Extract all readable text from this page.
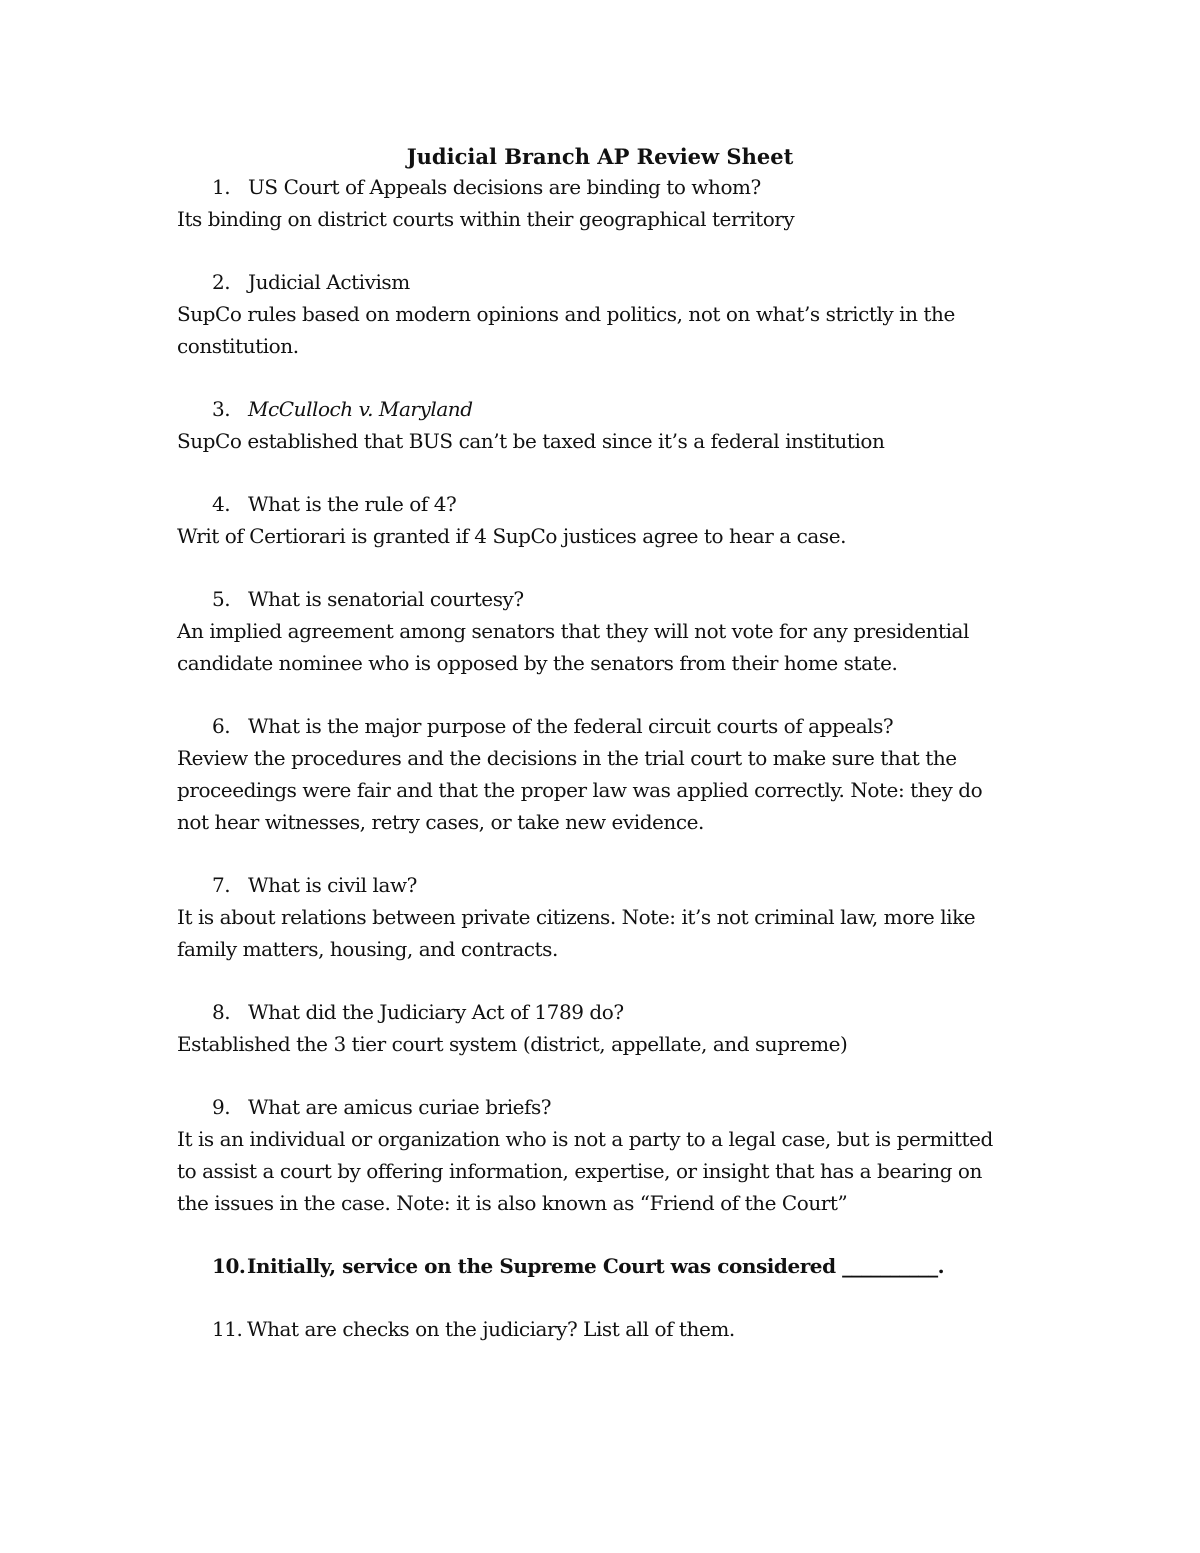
Judicial Branch AP Review Sheet
1. US Court of Appeals decisions are binding to whom?
Its binding on district courts within their geographical territory
2. Judicial Activism
SupCo rules based on modern opinions and politics, not on what’s strictly in the
constitution.
3. McCulloch v. Maryland
SupCo established that BUS can’t be taxed since it’s a federal institution
4. What is the rule of 4?
Writ of Certiorari is granted if 4 SupCo justices agree to hear a case.
5. What is senatorial courtesy?
An implied agreement among senators that they will not vote for any presidential
candidate nominee who is opposed by the senators from their home state.
6. What is the major purpose of the federal circuit courts of appeals?
Review the procedures and the decisions in the trial court to make sure that the
proceedings were fair and that the proper law was applied correctly. Note: they do
not hear witnesses, retry cases, or take new evidence.
7. What is civil law?
It is about relations between private citizens. Note: it’s not criminal law, more like
family matters, housing, and contracts.
8. What did the Judiciary Act of 1789 do?
Established the 3 tier court system (district, appellate, and supreme)
9. What are amicus curiae briefs?
It is an individual or organization who is not a party to a legal case, but is permitted
to assist a court by offering information, expertise, or insight that has a bearing on
the issues in the case. Note: it is also known as “Friend of the Court”
10.Initially, service on the Supreme Court was considered __________.
11. What are checks on the judiciary? List all of them.
